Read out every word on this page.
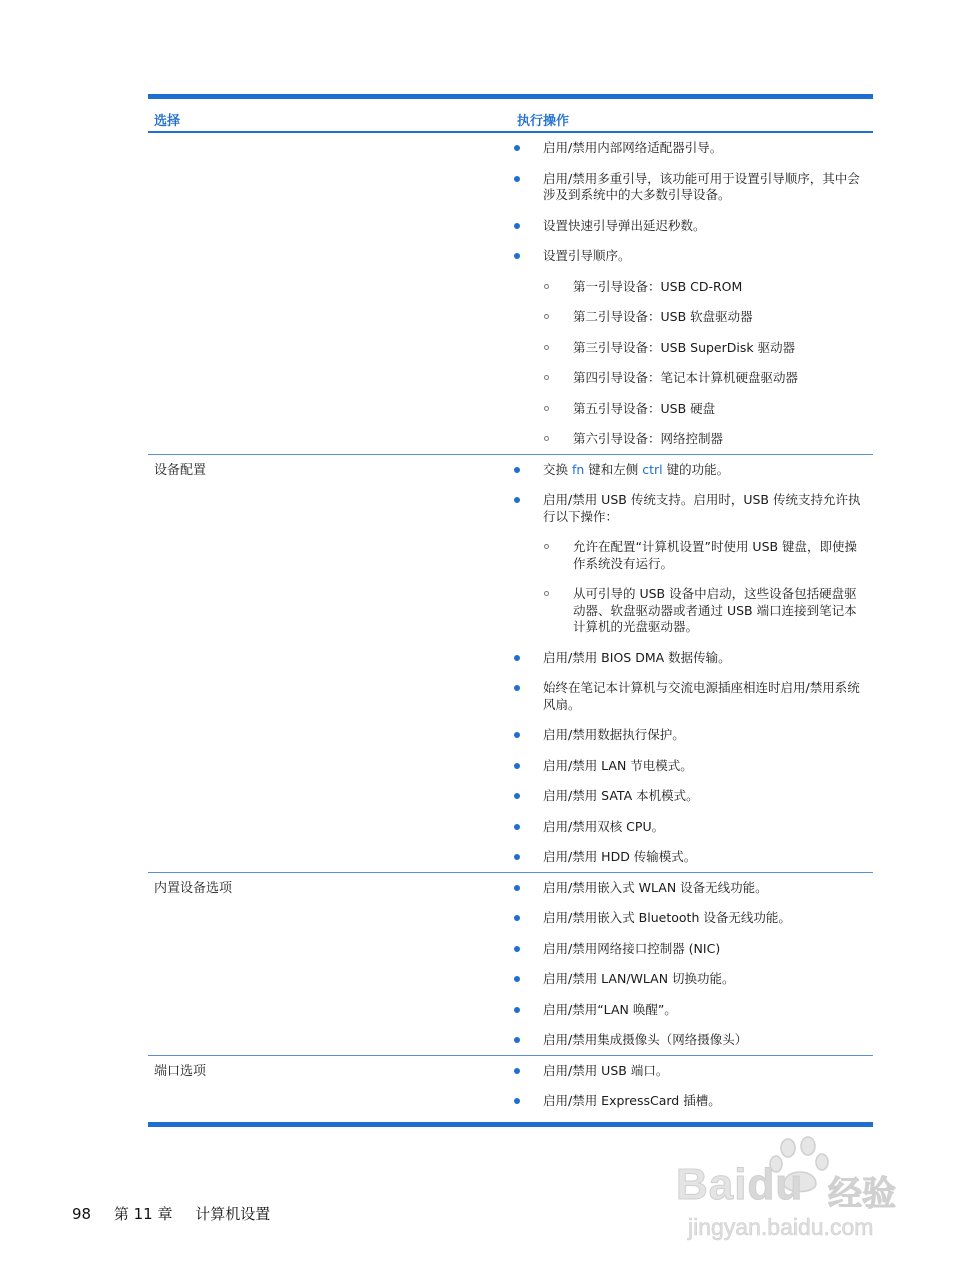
选择	执行操作
启用/禁用内部网络适配器引导。
启用/禁用多重引导，该功能可用于设置引导顺序，其中会涉及到系统中的大多数引导设备。
设置快速引导弹出延迟秒数。
设置引导顺序。
第一引导设备：USB CD-ROM
第二引导设备：USB 软盘驱动器
第三引导设备：USB SuperDisk 驱动器
第四引导设备：笔记本计算机硬盘驱动器
第五引导设备：USB 硬盘
第六引导设备：网络控制器
设备配置	交换 fn 键和左侧 ctrl 键的功能。
启用/禁用 USB 传统支持。启用时，USB 传统支持允许执行以下操作：
允许在配置“计算机设置”时使用 USB 键盘，即使操作系统没有运行。
从可引导的 USB 设备中启动，这些设备包括硬盘驱动器、软盘驱动器或者通过 USB 端口连接到笔记本计算机的光盘驱动器。
启用/禁用 BIOS DMA 数据传输。
始终在笔记本计算机与交流电源插座相连时启用/禁用系统风扇。
启用/禁用数据执行保护。
启用/禁用 LAN 节电模式。
启用/禁用 SATA 本机模式。
启用/禁用双核 CPU。
启用/禁用 HDD 传输模式。
内置设备选项	启用/禁用嵌入式 WLAN 设备无线功能。
启用/禁用嵌入式 Bluetooth 设备无线功能。
启用/禁用网络接口控制器 (NIC)
启用/禁用 LAN/WLAN 切换功能。
启用/禁用“LAN 唤醒”。
启用/禁用集成摄像头（网络摄像头）
端口选项	启用/禁用 USB 端口。
启用/禁用 ExpressCard 插槽。
98 第 11 章 计算机设置
Baidu 经验
jingyan.baidu.com
